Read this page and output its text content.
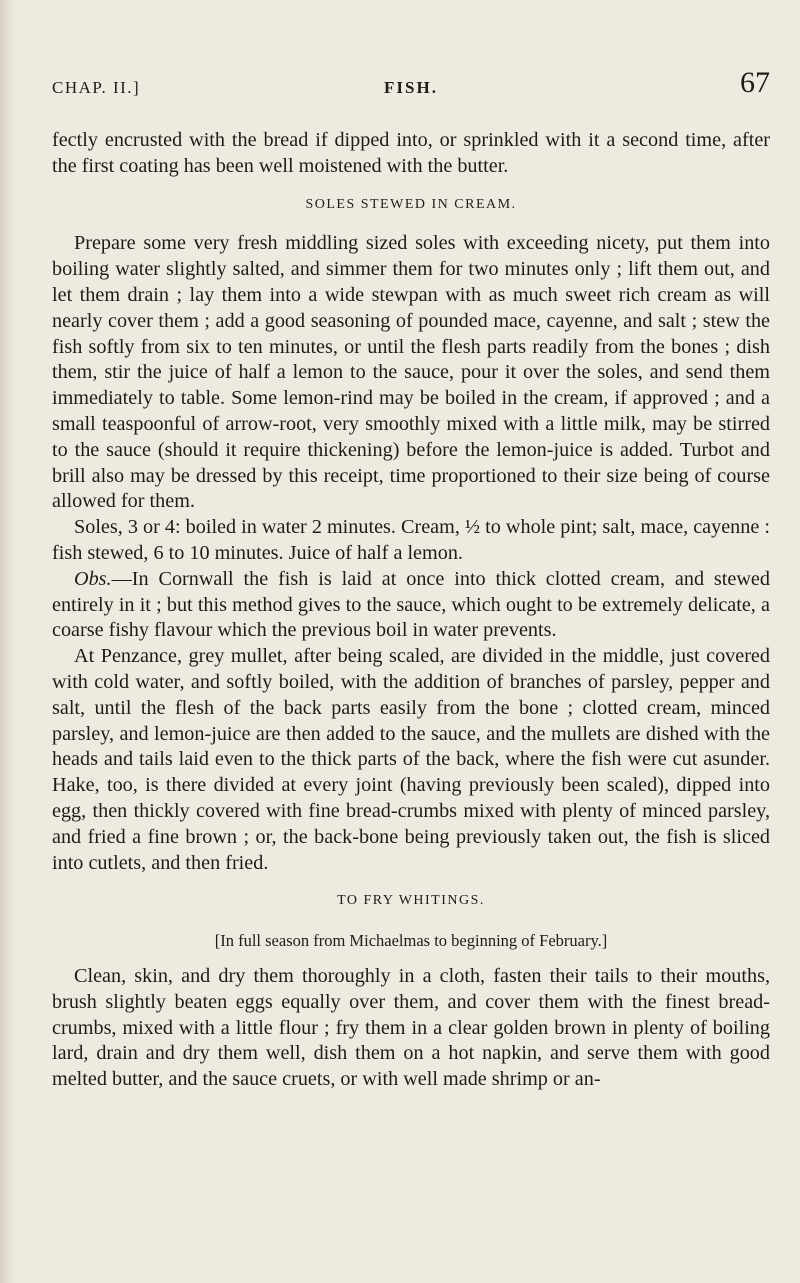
CHAP. II.]	FISH.	67

fectly encrusted with the bread if dipped into, or sprinkled with it a second time, after the first coating has been well moistened with the butter.

SOLES STEWED IN CREAM.

Prepare some very fresh middling sized soles with exceeding nicety, put them into boiling water slightly salted, and simmer them for two minutes only ; lift them out, and let them drain ; lay them into a wide stewpan with as much sweet rich cream as will nearly cover them ; add a good seasoning of pounded mace, cayenne, and salt ; stew the fish softly from six to ten minutes, or until the flesh parts readily from the bones ; dish them, stir the juice of half a lemon to the sauce, pour it over the soles, and send them immediately to table. Some lemon-rind may be boiled in the cream, if approved ; and a small teaspoonful of arrow-root, very smoothly mixed with a little milk, may be stirred to the sauce (should it require thickening) before the lemon-juice is added. Turbot and brill also may be dressed by this receipt, time proportioned to their size being of course allowed for them.

Soles, 3 or 4: boiled in water 2 minutes. Cream, ½ to whole pint; salt, mace, cayenne : fish stewed, 6 to 10 minutes. Juice of half a lemon.

Obs.—In Cornwall the fish is laid at once into thick clotted cream, and stewed entirely in it ; but this method gives to the sauce, which ought to be extremely delicate, a coarse fishy flavour which the previous boil in water prevents.

At Penzance, grey mullet, after being scaled, are divided in the middle, just covered with cold water, and softly boiled, with the addition of branches of parsley, pepper and salt, until the flesh of the back parts easily from the bone ; clotted cream, minced parsley, and lemon-juice are then added to the sauce, and the mullets are dished with the heads and tails laid even to the thick parts of the back, where the fish were cut asunder. Hake, too, is there divided at every joint (having previously been scaled), dipped into egg, then thickly covered with fine bread-crumbs mixed with plenty of minced parsley, and fried a fine brown ; or, the back-bone being previously taken out, the fish is sliced into cutlets, and then fried.

TO FRY WHITINGS.

[In full season from Michaelmas to beginning of February.]

Clean, skin, and dry them thoroughly in a cloth, fasten their tails to their mouths, brush slightly beaten eggs equally over them, and cover them with the finest bread-crumbs, mixed with a little flour ; fry them in a clear golden brown in plenty of boiling lard, drain and dry them well, dish them on a hot napkin, and serve them with good melted butter, and the sauce cruets, or with well made shrimp or an-
